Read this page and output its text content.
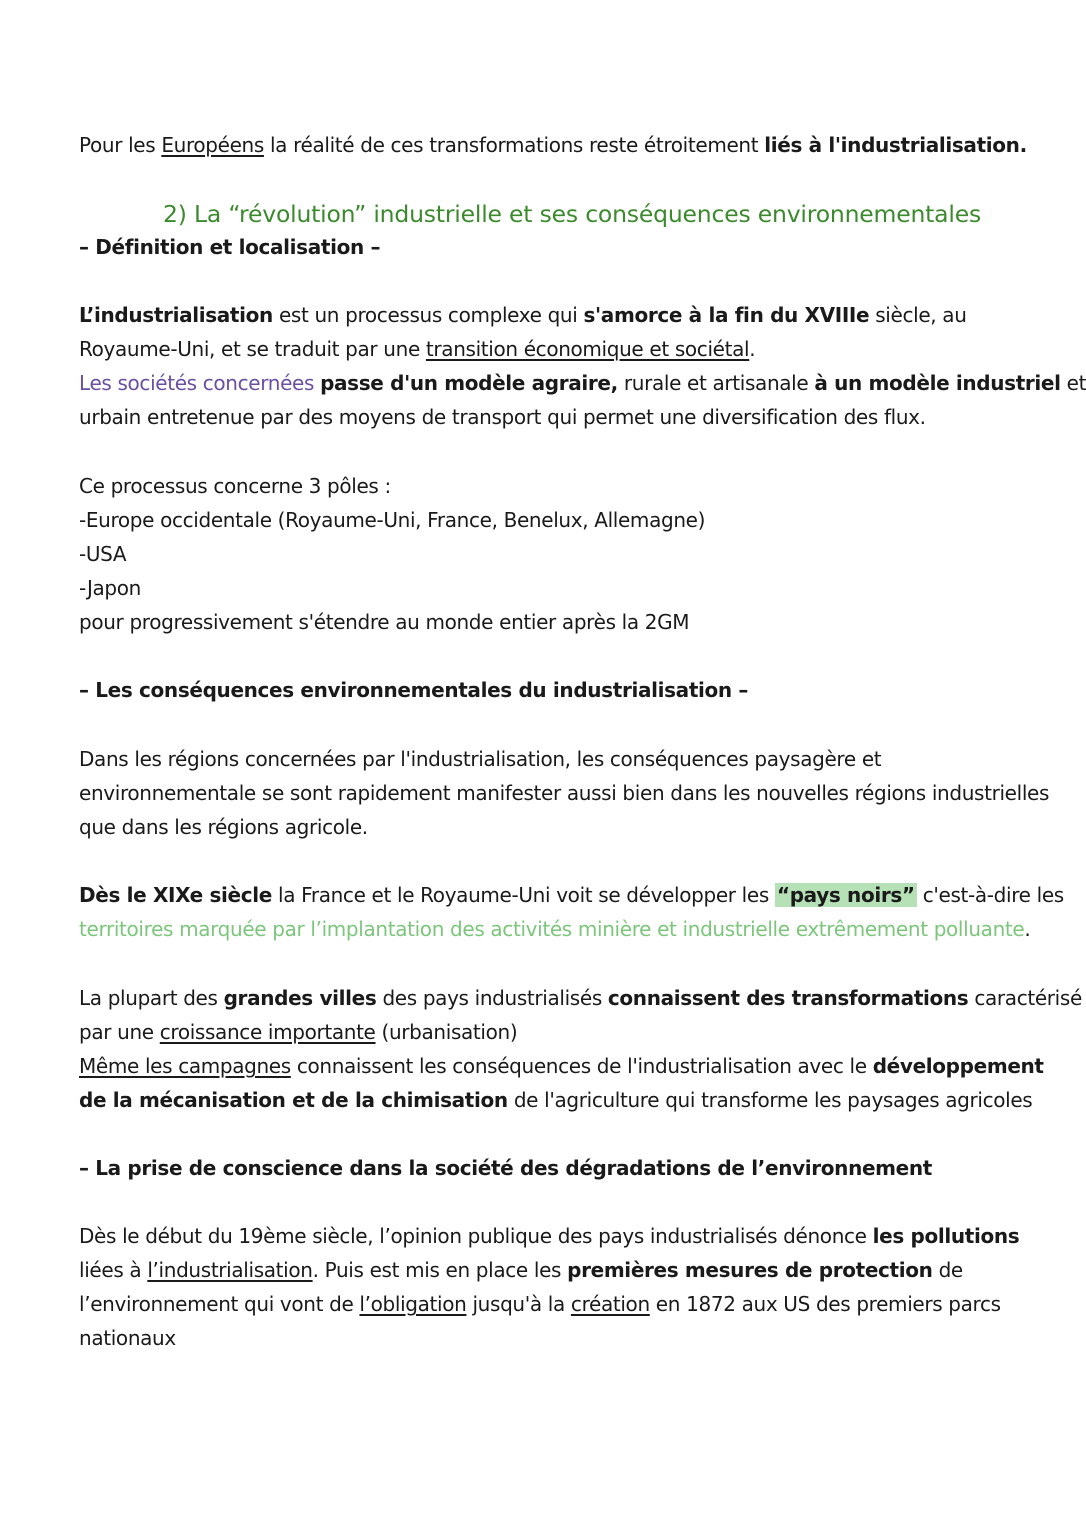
Pour les Européens la réalité de ces transformations reste étroitement liés à l'industrialisation.
2) La “révolution” industrielle et ses conséquences environnementales
– Définition et localisation –
L’industrialisation est un processus complexe qui s'amorce à la fin du XVIIIe siècle, au
Royaume-Uni, et se traduit par une transition économique et sociétal.
Les sociétés concernées passe d'un modèle agraire, rurale et artisanale à un modèle industriel et
urbain entretenue par des moyens de transport qui permet une diversification des flux.
Ce processus concerne 3 pôles :
-Europe occidentale (Royaume-Uni, France, Benelux, Allemagne)
-USA
-Japon
pour progressivement s'étendre au monde entier après la 2GM
– Les conséquences environnementales du industrialisation –
Dans les régions concernées par l'industrialisation, les conséquences paysagère et
environnementale se sont rapidement manifester aussi bien dans les nouvelles régions industrielles
que dans les régions agricole.
Dès le XIXe siècle la France et le Royaume-Uni voit se développer les “pays noirs” c'est-à-dire les
territoires marquée par l’implantation des activités minière et industrielle extrêmement polluante.
La plupart des grandes villes des pays industrialisés connaissent des transformations caractérisé
par une croissance importante (urbanisation)
Même les campagnes connaissent les conséquences de l'industrialisation avec le développement
de la mécanisation et de la chimisation de l'agriculture qui transforme les paysages agricoles
– La prise de conscience dans la société des dégradations de l’environnement
Dès le début du 19ème siècle, l’opinion publique des pays industrialisés dénonce les pollutions
liées à l’industrialisation. Puis est mis en place les premières mesures de protection de
l’environnement qui vont de l’obligation jusqu'à la création en 1872 aux US des premiers parcs
nationaux
